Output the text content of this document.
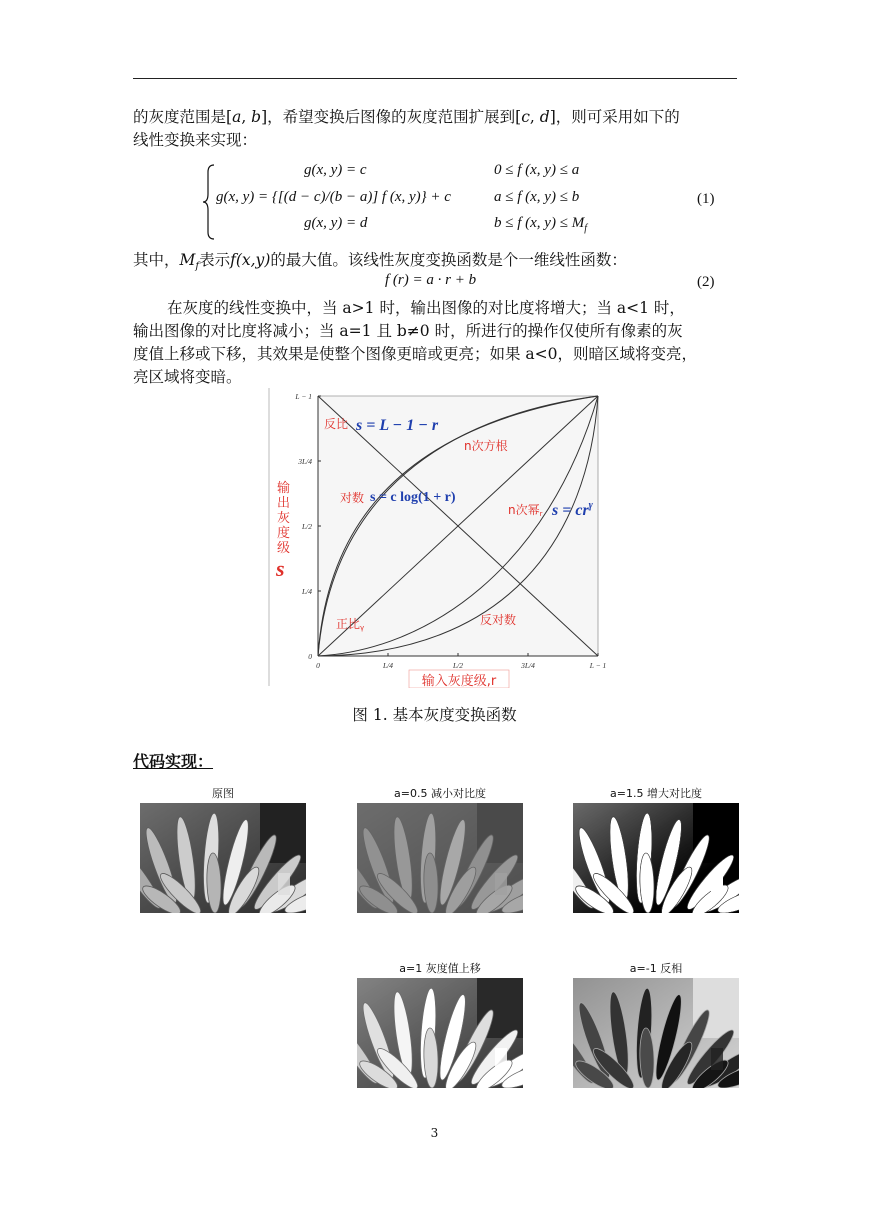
的灰度范围是[a, b]，希望变换后图像的灰度范围扩展到[c, d]，则可采用如下的
线性变换来实现：
g(x, y) = c	0 ≤ f (x, y) ≤ a
g(x, y) = {[(d − c)/(b − a)] f (x, y)} + c	a ≤ f (x, y) ≤ b
g(x, y) = d	b ≤ f (x, $y) \le M_f$
(1)
其中，$M_f$表示f(x,y)的最大值。该线性灰度变换函数是个一维线性函数：
f (r) = a · r + b	(2)
在灰度的线性变换中，当 a>1 时，输出图像的对比度将增大；当 a<1 时，
输出图像的对比度将减小；当 a=1 且 b≠0 时，所进行的操作仅使所有像素的灰
度值上移或下移，其效果是使整个图像更暗或更亮；如果 a<0，则暗区域将变亮，
亮区域将变暗。
L − 1
3L/4
L/2
L/4
0
0	L/4	L/2	3L/4	L − 1
反比 s = L − 1 − r
n次方根
对数 s = c log(1 + r)
n次幂r $s = cr^\gamma$
正比γ
反对数
输
出
灰
度
级
s
输入灰度级,r
图 1. 基本灰度变换函数
代码实现：
原图	a=0.5 减小对比度	a=1.5 增大对比度
a=1 灰度值上移	a=-1 反相
3
